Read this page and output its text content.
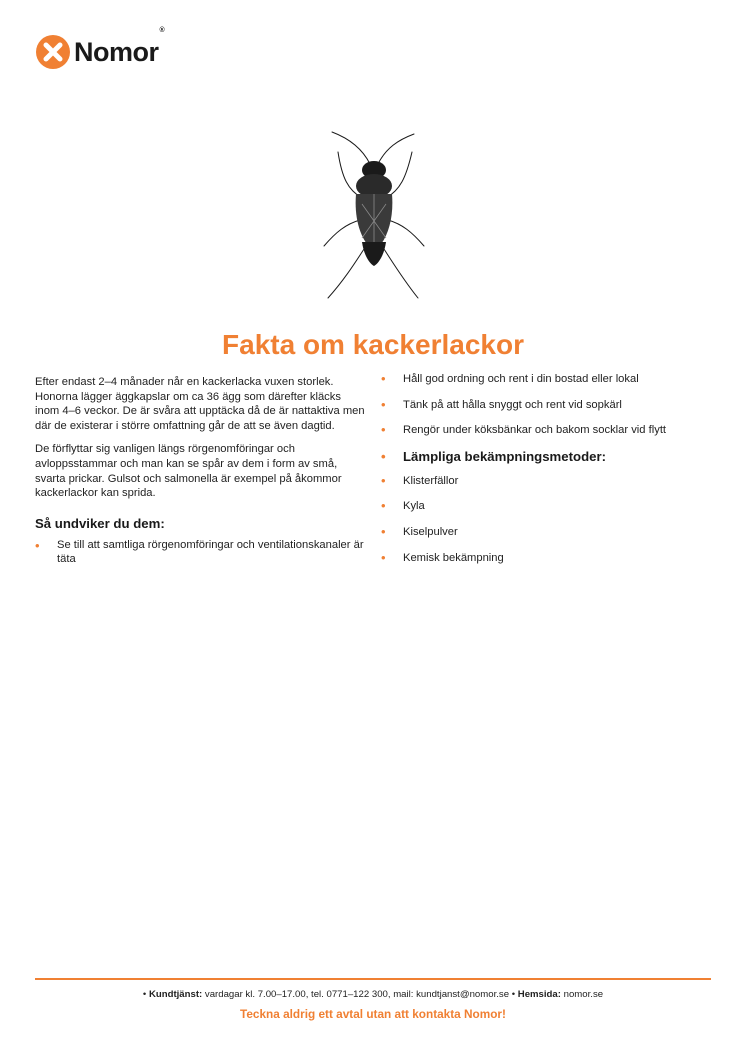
Nomor®
Fakta om kackerlackor

Efter endast 2–4 månader når en kackerlacka vuxen storlek. Honorna lägger äggkapslar om ca 36 ägg som därefter kläcks inom 4–6 veckor. De är svåra att upptäcka då de är nattaktiva men där de existerar i större omfattning går de att se även dagtid.

De förflyttar sig vanligen längs rörgenomföringar och avloppsstammar och man kan se spår av dem i form av små, svarta prickar. Gulsot och salmonella är exempel på åkommor kackerlackor kan sprida.

Så undviker du dem:
• Se till att samtliga rörgenomföringar och ventilationskanaler är täta
• Håll god ordning och rent i din bostad eller lokal
• Tänk på att hålla snyggt och rent vid sopkärl
• Rengör under köksbänkar och bakom socklar vid flytt
• Lämpliga bekämpningsmetoder:
• Klisterfällor
• Kyla
• Kiselpulver
• Kemisk bekämpning
• Kundtjänst: vardagar kl. 7.00–17.00, tel. 0771–122 300, mail: kundtjanst@nomor.se • Hemsida: nomor.se
Teckna aldrig ett avtal utan att kontakta Nomor!
